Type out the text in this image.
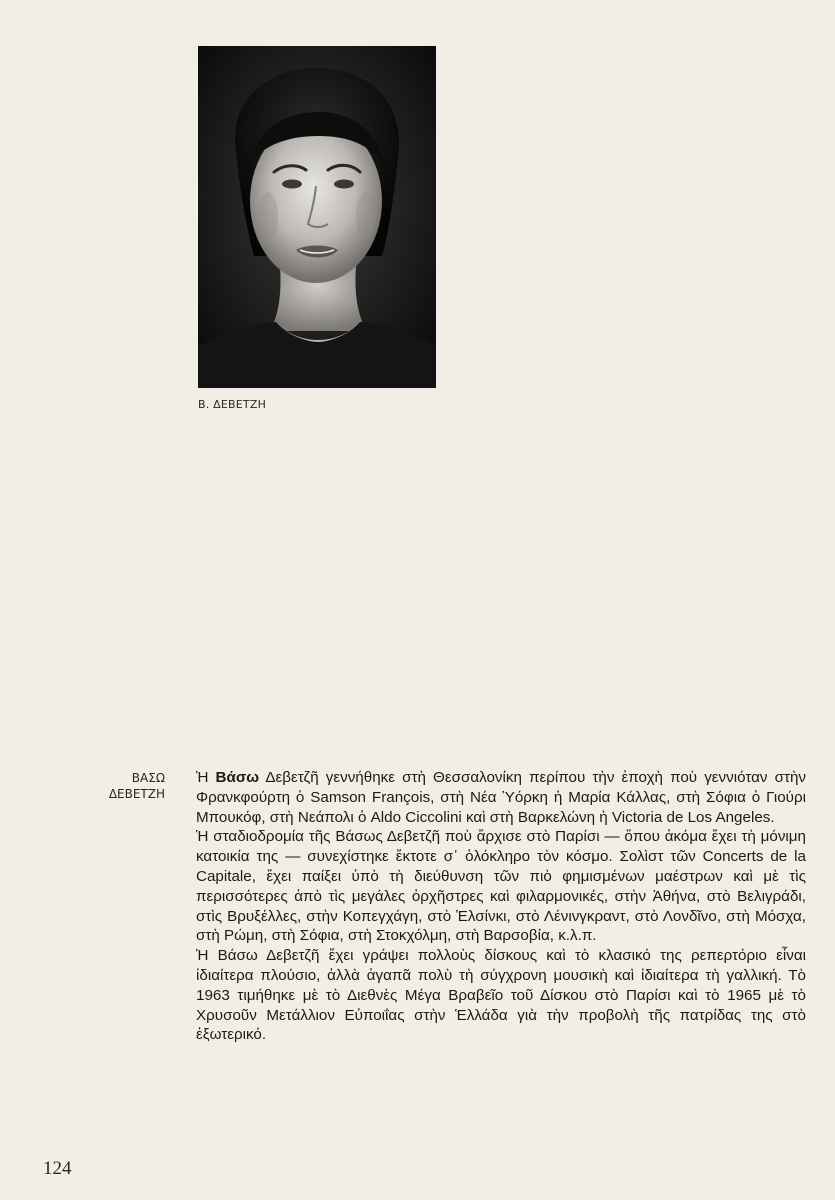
Β. ΔΕΒΕΤΖΗ
ΒΑΣΩ
ΔΕΒΕΤΖΗ

Ἡ Βάσω Δεβετζῆ γεννήθηκε στὴ Θεσσαλονίκη περίπου τὴν ἐποχὴ ποὺ γεννιόταν στὴν Φρανκφούρτη ὁ Samson François, στὴ Νέα Ὑόρκη ἡ Μαρία Κάλλας, στὴ Σόφια ὁ Γιούρι Μπουκόφ, στὴ Νεάπολι ὁ Aldo Ciccolini καὶ στὴ Βαρκελώνη ἡ Victoria de Los Angeles.

Ἡ σταδιοδρομία τῆς Βάσως Δεβετζῆ ποὺ ἄρχισε στὸ Παρίσι — ὅπου ἀκόμα ἔχει τὴ μόνιμη κατοικία της — συνεχίστηκε ἔκτοτε σ᾽ ὁλόκληρο τὸν κόσμο. Σολὶστ τῶν Concerts de la Capitale, ἔχει παίξει ὑπὸ τὴ διεύθυνση τῶν πιὸ φημισμένων μαέστρων καὶ μὲ τὶς περισσότερες ἀπὸ τὶς μεγάλες ὀρχῆστρες καὶ φιλαρμονικές, στὴν Ἀθήνα, στὸ Βελιγράδι, στὶς Βρυξέλλες, στὴν Κοπεγχάγη, στὸ Ἑλσίνκι, στὸ Λένινγκραντ, στὸ Λονδῖνο, στὴ Μόσχα, στὴ Ρώμη, στὴ Σόφια, στὴ Στοκχόλμη, στὴ Βαρσοβία, κ.λ.π.

Ἡ Βάσω Δεβετζῆ ἔχει γράψει πολλοὺς δίσκους καὶ τὸ κλασικό της ρεπερτόριο εἶναι ἰδιαίτερα πλούσιο, ἀλλὰ ἀγαπᾶ πολὺ τὴ σύγχρονη μουσικὴ καὶ ἰδιαίτερα τὴ γαλλική. Τὸ 1963 τιμήθηκε μὲ τὸ Διεθνὲς Μέγα Βραβεῖο τοῦ Δίσκου στὸ Παρίσι καὶ τὸ 1965 μὲ τὸ Χρυσοῦν Μετάλλιον Εὐποιΐας στὴν Ἑλλάδα γιὰ τὴν προβολὴ τῆς πατρίδας της στὸ ἐξωτερικό.

124
